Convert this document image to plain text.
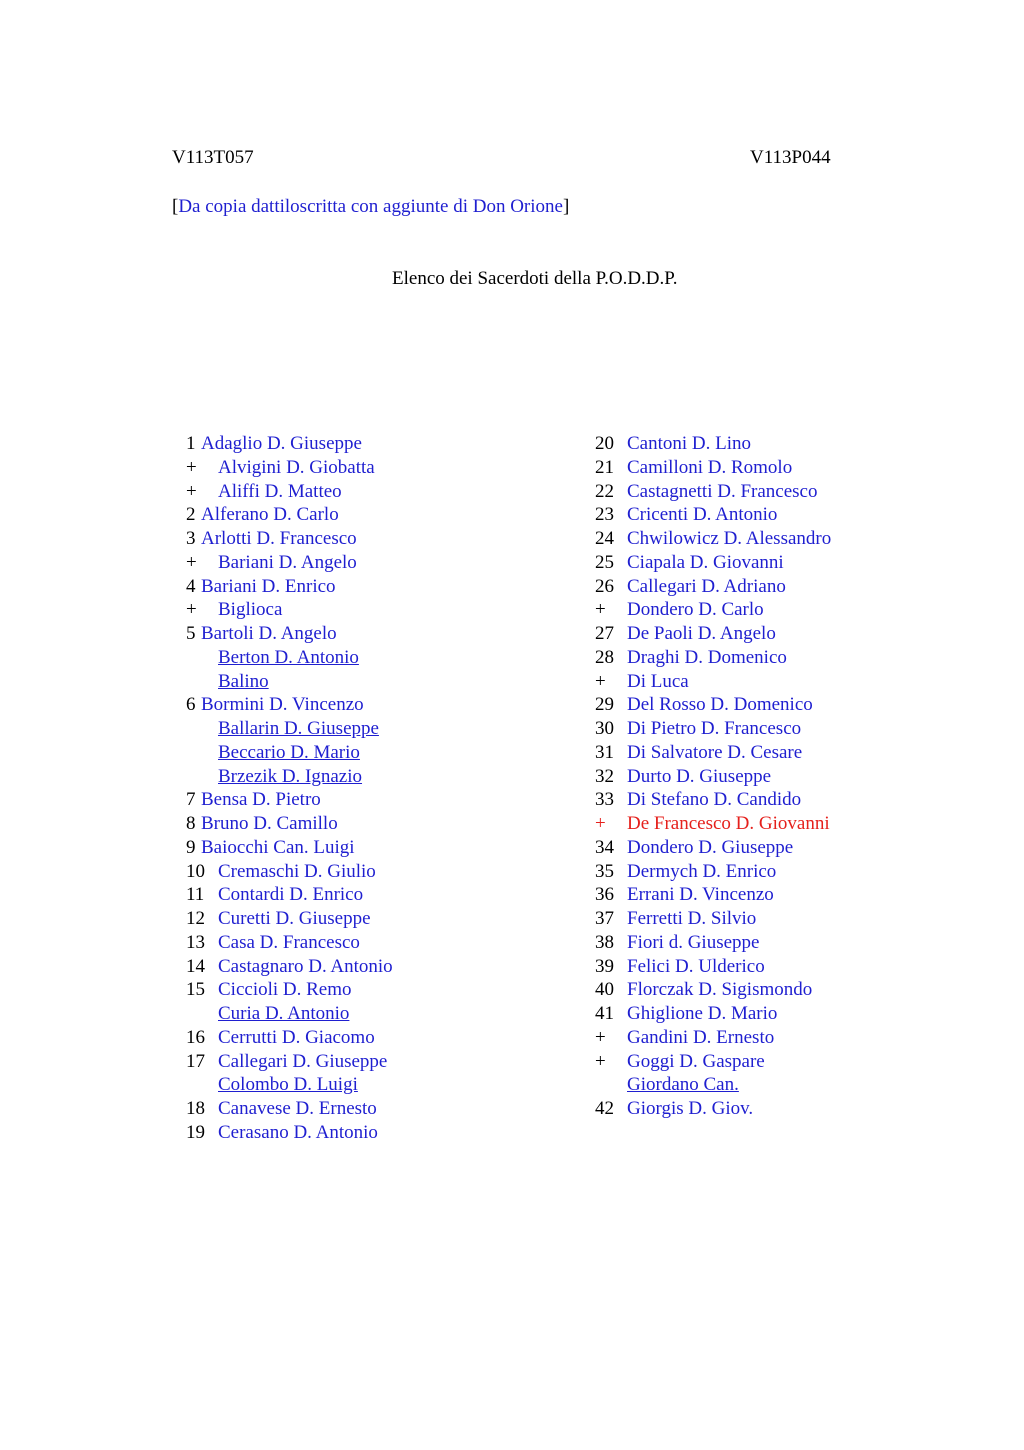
V113T057	V113P044
[Da copia dattiloscritta con aggiunte di Don Orione]
Elenco dei Sacerdoti della P.O.D.D.P.
1 Adaglio D. Giuseppe
+ Alvigini D. Giobatta
+ Aliffi D. Matteo
2 Alferano D. Carlo
3 Arlotti D. Francesco
+ Bariani D. Angelo
4 Bariani D. Enrico
+ Biglioca
5 Bartoli D. Angelo
Berton D. Antonio
Balino
6 Bormini D. Vincenzo
Ballarin D. Giuseppe
Beccario D. Mario
Brzezik D. Ignazio
7 Bensa D. Pietro
8 Bruno D. Camillo
9 Baiocchi Can. Luigi
10 Cremaschi D. Giulio
11 Contardi D. Enrico
12 Curetti D. Giuseppe
13 Casa D. Francesco
14 Castagnaro D. Antonio
15 Ciccioli D. Remo
Curia D. Antonio
16 Cerrutti D. Giacomo
17 Callegari D. Giuseppe
Colombo D. Luigi
18 Canavese D. Ernesto
19 Cerasano D. Antonio
20 Cantoni D. Lino
21 Camilloni D. Romolo
22 Castagnetti D. Francesco
23 Cricenti D. Antonio
24 Chwilowicz D. Alessandro
25 Ciapala D. Giovanni
26 Callegari D. Adriano
+ Dondero D. Carlo
27 De Paoli D. Angelo
28 Draghi D. Domenico
+ Di Luca
29 Del Rosso D. Domenico
30 Di Pietro D. Francesco
31 Di Salvatore D. Cesare
32 Durto D. Giuseppe
33 Di Stefano D. Candido
+ De Francesco D. Giovanni
34 Dondero D. Giuseppe
35 Dermych D. Enrico
36 Errani D. Vincenzo
37 Ferretti D. Silvio
38 Fiori d. Giuseppe
39 Felici D. Ulderico
40 Florczak D. Sigismondo
41 Ghiglione D. Mario
+ Gandini D. Ernesto
+ Goggi D. Gaspare
Giordano Can.
42 Giorgis D. Giov.
